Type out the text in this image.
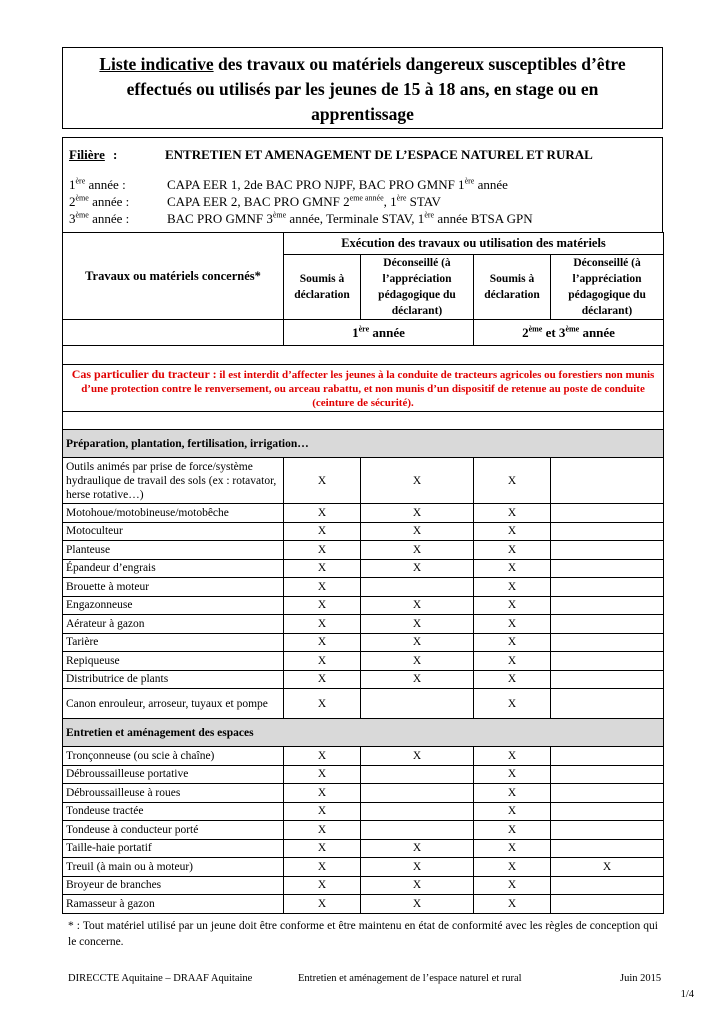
Liste indicative des travaux ou matériels dangereux susceptibles d’être
effectués ou utilisés par les jeunes de 15 à 18 ans, en stage ou en
apprentissage
Filière :	ENTRETIEN ET AMENAGEMENT DE L’ESPACE NATUREL ET RURAL
1ère année :	CAPA EER 1, 2de BAC PRO NJPF, BAC PRO GMNF 1ère année
2ème année :	CAPA EER 2, BAC PRO GMNF $2^{eme année}$, 1ère STAV
3ème année :	BAC PRO GMNF 3ème année, Terminale STAV, 1ère année BTSA GPN
Travaux ou matériels concernés*	Exécution des travaux ou utilisation des matériels			
	Soumis à déclaration	Déconseillé (à l’appréciation pédagogique du déclarant)	Soumis à déclaration	Déconseillé (à l’appréciation pédagogique du déclarant)
	1ère année		2ème et 3ème année	

Cas particulier du tracteur : il est interdit d’affecter les jeunes à la conduite de tracteurs agricoles ou forestiers non munis d’une protection contre le renversement, ou arceau rabattu, et non munis d’un dispositif de retenue au poste de conduite (ceinture de sécurité).				

Préparation, plantation, fertilisation, irrigation…				
Outils animés par prise de force/système hydraulique de travail des sols (ex : rotavator, herse rotative…)	X	X	X	
Motohoue/motobineuse/motobêche	X	X	X	
Motoculteur	X	X	X	
Planteuse	X	X	X	
Épandeur d’engrais	X	X	X	
Brouette à moteur	X		X	
Engazonneuse	X	X	X	
Aérateur à gazon	X	X	X	
Tarière	X	X	X	
Repiqueuse	X	X	X	
Distributrice de plants	X	X	X	
Canon enrouleur, arroseur, tuyaux et pompe	X		X	
Entretien et aménagement des espaces				
Tronçonneuse (ou scie à chaîne)	X	X	X	
Débroussailleuse portative	X		X	
Débroussailleuse à roues	X		X	
Tondeuse tractée	X		X	
Tondeuse à conducteur porté	X		X	
Taille-haie portatif	X	X	X	
Treuil (à main ou à moteur)	X	X	X	X
Broyeur de branches	X	X	X	
Ramasseur à gazon	X	X	X	
* : Tout matériel utilisé par un jeune doit être conforme et être maintenu en état de conformité avec les règles de conception qui le concerne.
DIRECCTE Aquitaine – DRAAF Aquitaine	Entretien et aménagement de l’espace naturel et rural	Juin 2015
1/4
